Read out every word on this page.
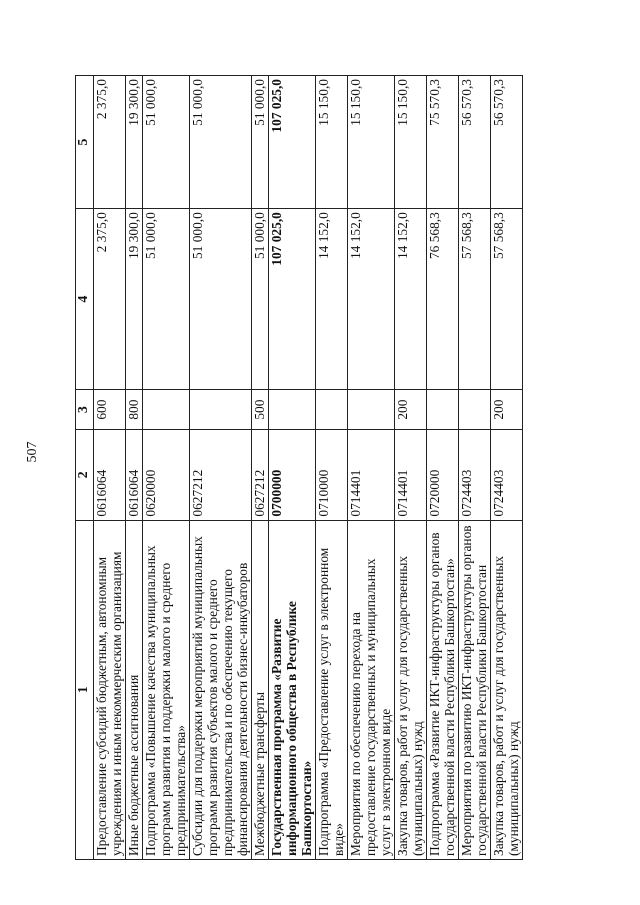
507
1	2	3	4	5
Предоставление субсидий бюджетным, автономным учреждениям и иным некоммерческим организациям	0616064	600	2 375,0	2 375,0
Иные бюджетные ассигнования	0616064	800	19 300,0	19 300,0
Подпрограмма «Повышение качества муниципальных программ развития и поддержки малого и среднего предпринимательства»	0620000		51 000,0	51 000,0
Субсидии для поддержки мероприятий муниципальных программ развития субъектов малого и среднего предпринимательства и по обеспечению текущего финансирования деятельности бизнес-инкубаторов	0627212		51 000,0	51 000,0
Межбюджетные трансферты	0627212	500	51 000,0	51 000,0
Государственная программа «Развитие информационного общества в Республике Башкортостан»	0700000		107 025,0	107 025,0
Подпрограмма «Предоставление услуг в электронном виде»	0710000		14 152,0	15 150,0
Мероприятия по обеспечению перехода на предоставление государственных и муниципальных услуг в электронном виде	0714401		14 152,0	15 150,0
Закупка товаров, работ и услуг для государственных (муниципальных) нужд	0714401	200	14 152,0	15 150,0
Подпрограмма «Развитие ИКТ-инфраструктуры органов государственной власти Республики Башкортостан»	0720000		76 568,3	75 570,3
Мероприятия по развитию ИКТ-инфраструктуры органов государственной власти Республики Башкортостан	0724403		57 568,3	56 570,3
Закупка товаров, работ и услуг для государственных (муниципальных) нужд	0724403	200	57 568,3	56 570,3
